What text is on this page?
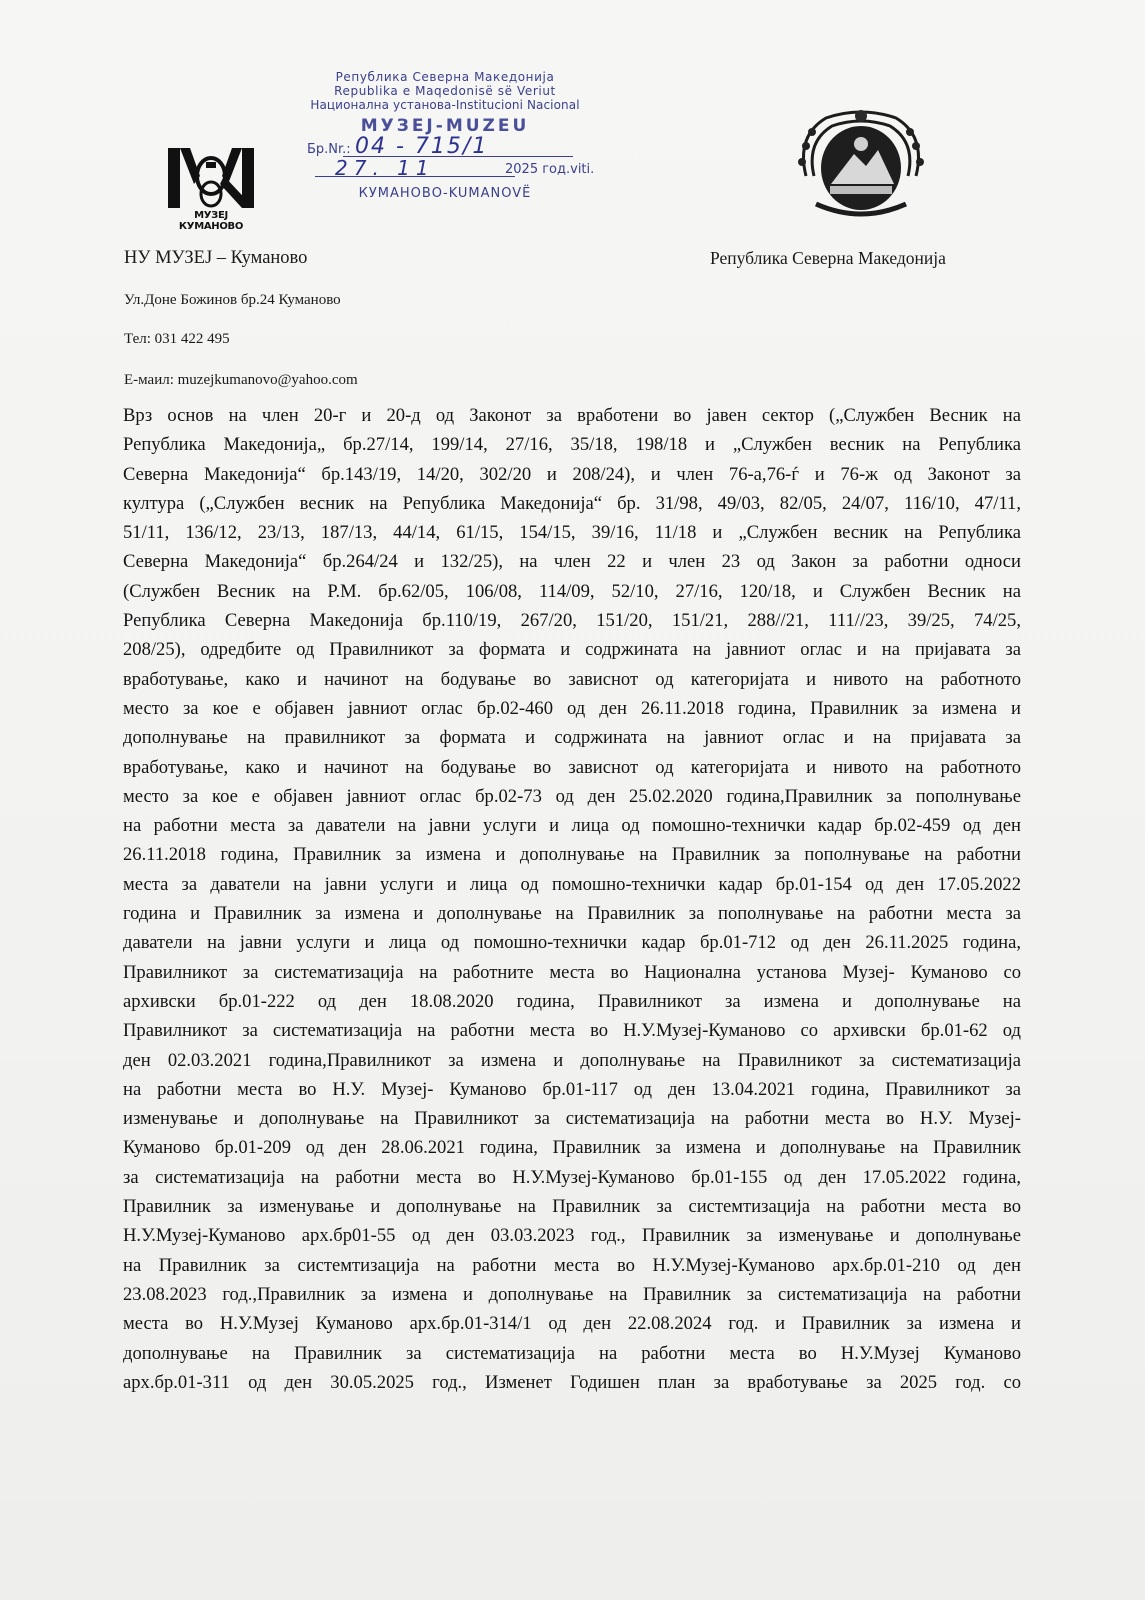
МУЗЕЈ КУМАНОВО
Република Северна Македонија
Republika e Maqedonisë së Veriut
Национална установа-Institucioni Nacional
МУЗЕЈ-MUZEU
Бр.Nr.: 04 - 715/1
27. 11	2025 год.viti.
КУМАНОВО-KUMANOVË
НУ МУЗЕЈ – Куманово	Република Северна Македонија
Ул.Доне Божинов бр.24 Куманово
Тел: 031 422 495
Е-маил: muzejkumanovo@yahoo.com
Врз основ на член 20-г и 20-д од Законот за вработени во јавен сектор („Службен Весник на
Република Македонија„ бр.27/14, 199/14, 27/16, 35/18, 198/18 и „Службен весник на Република
Северна Македонија“ бр.143/19, 14/20, 302/20 и 208/24), и член 76-а,76-ѓ и 76-ж од Законот за
култура („Службен весник на Република Македонија“ бр. 31/98, 49/03, 82/05, 24/07, 116/10, 47/11,
51/11, 136/12, 23/13, 187/13, 44/14, 61/15, 154/15, 39/16, 11/18 и „Службен весник на Република
Северна Македонија“ бр.264/24 и 132/25), на член 22 и член 23 од Закон за работни односи
(Службен Весник на Р.М. бр.62/05, 106/08, 114/09, 52/10, 27/16, 120/18, и Службен Весник на
Република Северна Македонија бр.110/19, 267/20, 151/20, 151/21, 288//21, 111//23, 39/25, 74/25,
208/25), одредбите од Правилникот за формата и содржината на јавниот оглас и на пријавата за
вработување, како и начинот на бодување во зависнот од категоријата и нивото на работното
место за кое е објавен јавниот оглас бр.02-460 од ден 26.11.2018 година, Правилник за измена и
дополнување на правилникот за формата и содржината на јавниот оглас и на пријавата за
вработување, како и начинот на бодување во зависнот од категоријата и нивото на работното
место за кое е објавен јавниот оглас бр.02-73 од ден 25.02.2020 година,Правилник за пополнување
на работни места за даватели на јавни услуги и лица од помошно-технички кадар бр.02-459 од ден
26.11.2018 година, Правилник за измена и дополнување на Правилник за пополнување на работни
места за даватели на јавни услуги и лица од помошно-технички кадар бр.01-154 од ден 17.05.2022
година и Правилник за измена и дополнување на Правилник за пополнување на работни места за
даватели на јавни услуги и лица од помошно-технички кадар бр.01-712 од ден 26.11.2025 година,
Правилникот за систематизација на работните места во Национална установа Музеј- Куманово со
архивски бр.01-222 од ден 18.08.2020 година, Правилникот за измена и дополнување на
Правилникот за систематизација на работни места во Н.У.Музеј-Куманово со архивски бр.01-62 од
ден 02.03.2021 година,Правилникот за измена и дополнување на Правилникот за систематизација
на работни места во Н.У. Музеј- Куманово бр.01-117 од ден 13.04.2021 година, Правилникот за
изменување и дополнување на Правилникот за систематизација на работни места во Н.У. Музеј-
Куманово бр.01-209 од ден 28.06.2021 година, Правилник за измена и дополнување на Правилник
за систематизација на работни места во Н.У.Музеј-Куманово бр.01-155 од ден 17.05.2022 година,
Правилник за изменување и дополнување на Правилник за системтизација на работни места во
Н.У.Музеј-Куманово арх.бр01-55 од ден 03.03.2023 год., Правилник за изменување и дополнување
на Правилник за системтизација на работни места во Н.У.Музеј-Куманово арх.бр.01-210 од ден
23.08.2023 год.,Правилник за измена и дополнување на Правилник за систематизација на работни
места во Н.У.Музеј Куманово арх.бр.01-314/1 од ден 22.08.2024 год. и Правилник за измена и
дополнување на Правилник за систематизација на работни места во Н.У.Музеј Куманово
арх.бр.01-311 од ден 30.05.2025 год., Изменет Годишен план за вработување за 2025 год. со
